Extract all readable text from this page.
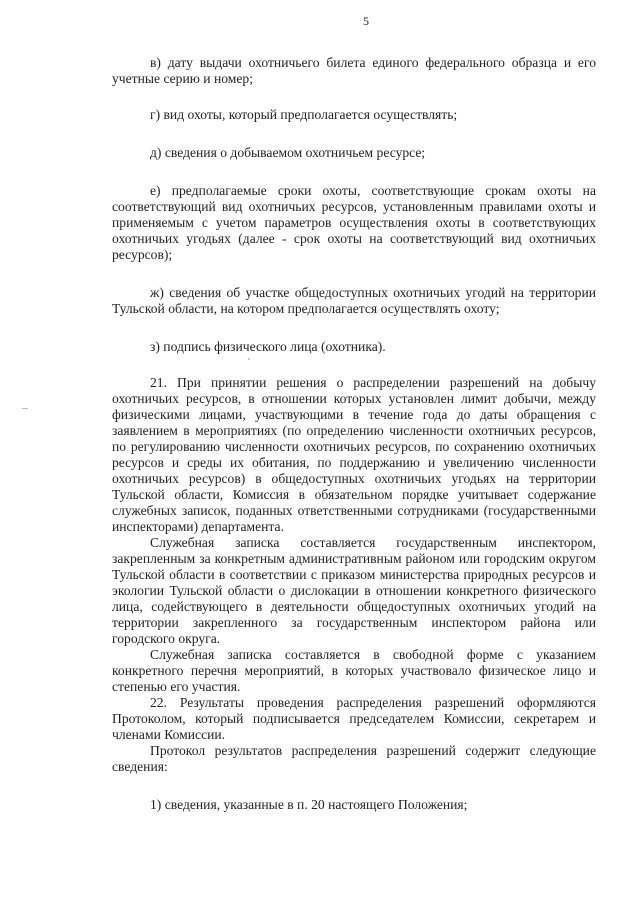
5

в) дату выдачи охотничьего билета единого федерального образца и его учетные серию и номер;

г) вид охоты, который предполагается осуществлять;

д) сведения о добываемом охотничьем ресурсе;

е) предполагаемые сроки охоты, соответствующие срокам охоты на соответствующий вид охотничьих ресурсов, установленным правилами охоты и применяемым с учетом параметров осуществления охоты в соответствующих охотничьих угодьях (далее - срок охоты на соответствующий вид охотничьих ресурсов);

ж) сведения об участке общедоступных охотничьих угодий на территории Тульской области, на котором предполагается осуществлять охоту;

з) подпись физического лица (охотника).

21. При принятии решения о распределении разрешений на добычу охотничьих ресурсов, в отношении которых установлен лимит добычи, между физическими лицами, участвующими в течение года до даты обращения с заявлением в мероприятиях (по определению численности охотничьих ресурсов, по регулированию численности охотничьих ресурсов, по сохранению охотничьих ресурсов и среды их обитания, по поддержанию и увеличению численности охотничьих ресурсов) в общедоступных охотничьих угодьях на территории Тульской области, Комиссия в обязательном порядке учитывает содержание служебных записок, поданных ответственными сотрудниками (государственными инспекторами) департамента.

Служебная записка составляется государственным инспектором, закрепленным за конкретным административным районом или городским округом Тульской области в соответствии с приказом министерства природных ресурсов и экологии Тульской области о дислокации в отношении конкретного физического лица, содействующего в деятельности общедоступных охотничьих угодий на территории закрепленного за государственным инспектором района или городского округа.

Служебная записка составляется в свободной форме с указанием конкретного перечня мероприятий, в которых участвовало физическое лицо и степенью его участия.

22. Результаты проведения распределения разрешений оформляются Протоколом, который подписывается председателем Комиссии, секретарем и членами Комиссии.

Протокол результатов распределения разрешений содержит следующие сведения:

1) сведения, указанные в п. 20 настоящего Положения;
